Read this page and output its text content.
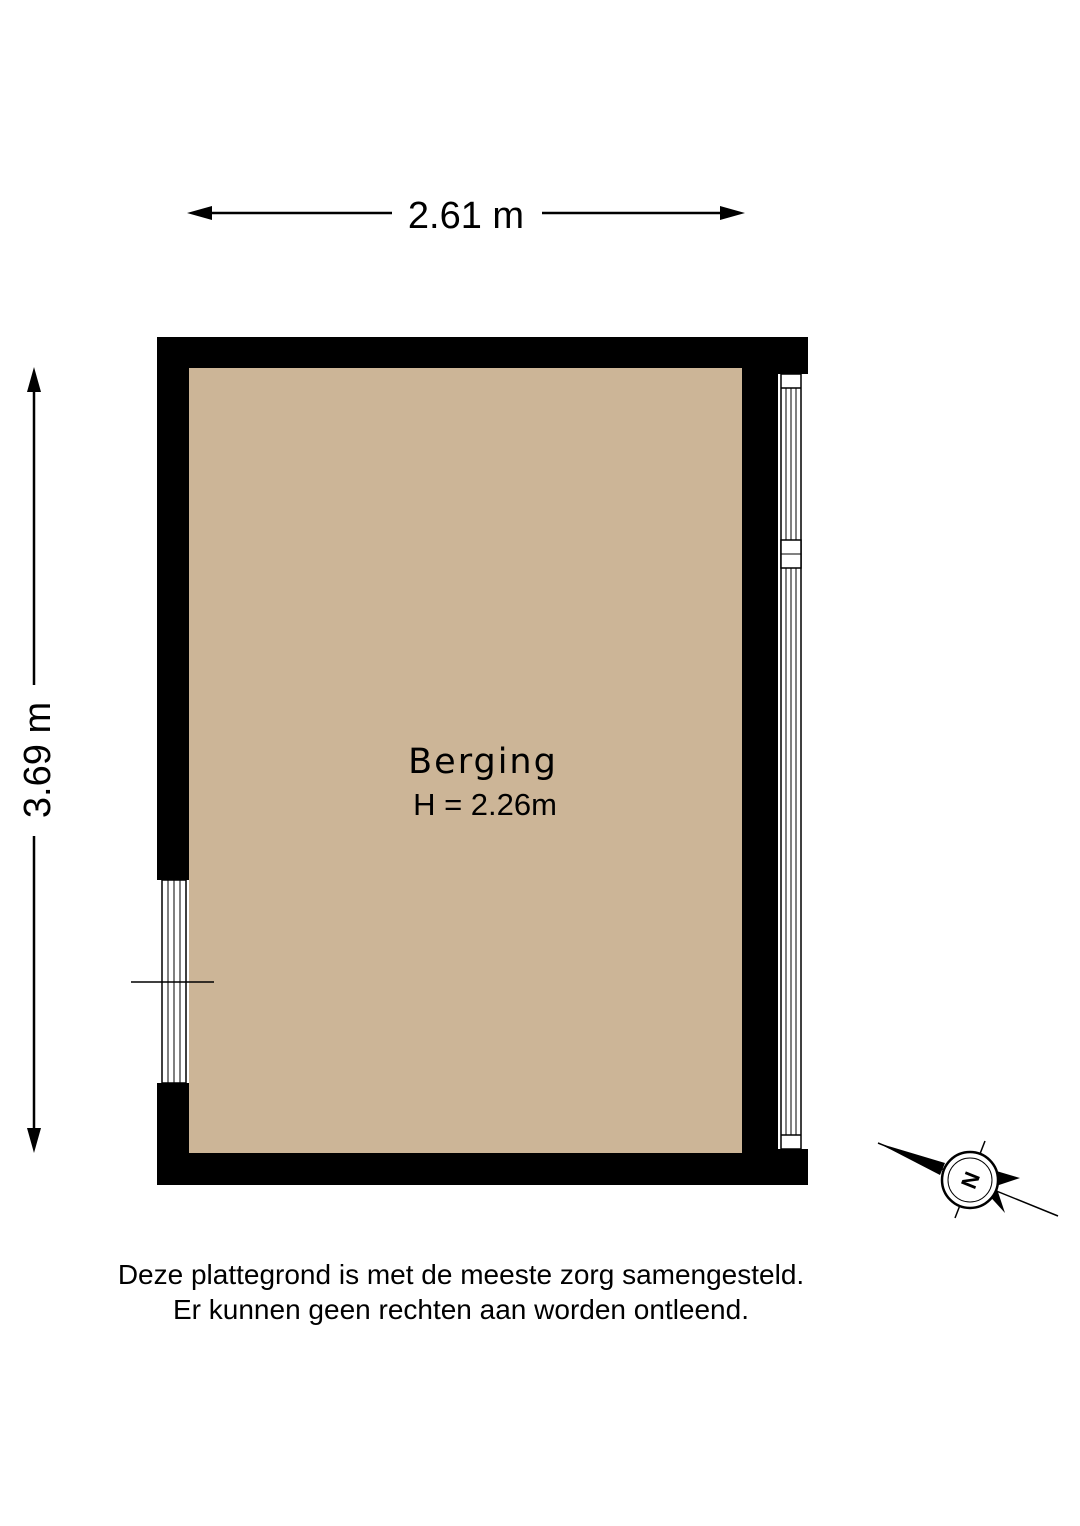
2.61 m
3.69 m	Berging
H = 2.26m
N
Deze plattegrond is met de meeste zorg samengesteld.
Er kunnen geen rechten aan worden ontleend.
